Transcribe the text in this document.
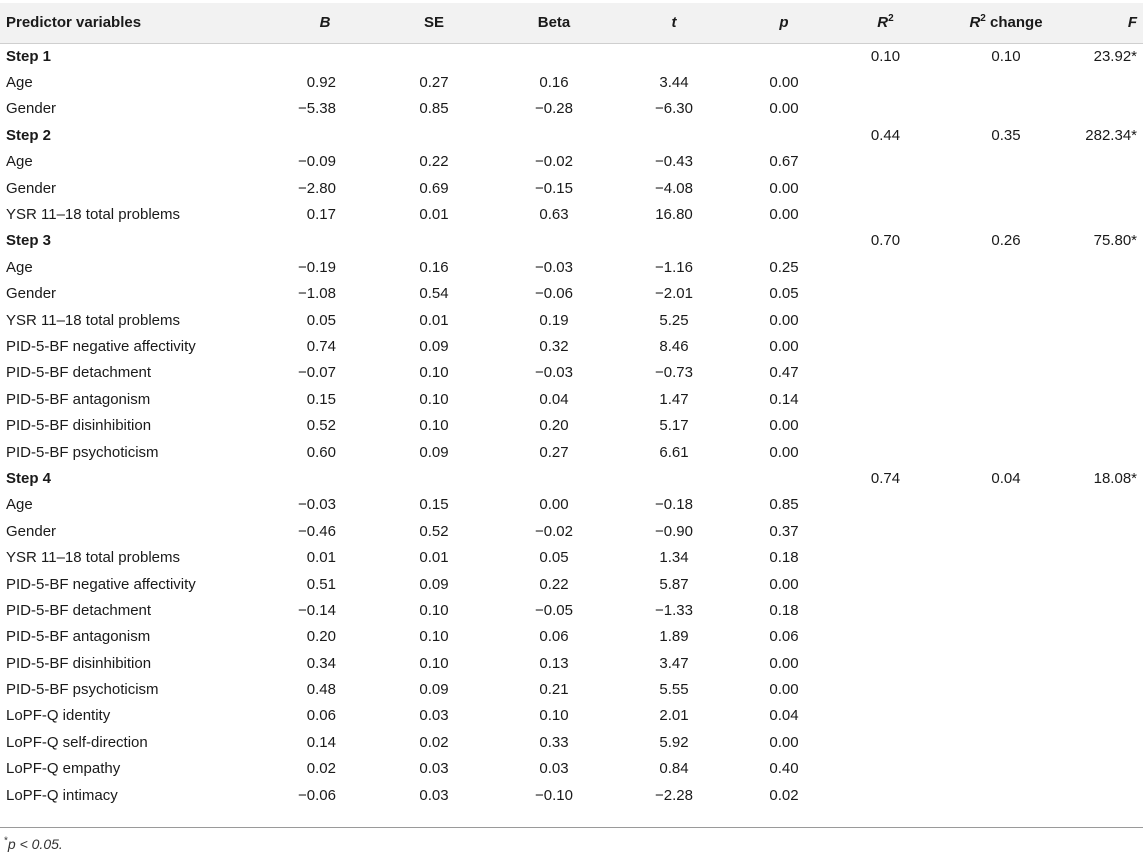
Predictor variables	B	SE	Beta	t	p	$R^2$	$R^2$ change	F
Step 1						0.10	0.10	23.92*
Age	0.92	0.27	0.16	3.44	0.00			
Gender	−5.38	0.85	−0.28	−6.30	0.00			
Step 2						0.44	0.35	282.34*
Age	−0.09	0.22	−0.02	−0.43	0.67			
Gender	−2.80	0.69	−0.15	−4.08	0.00			
YSR 11–18 total problems	0.17	0.01	0.63	16.80	0.00			
Step 3						0.70	0.26	75.80*
Age	−0.19	0.16	−0.03	−1.16	0.25			
Gender	−1.08	0.54	−0.06	−2.01	0.05			
YSR 11–18 total problems	0.05	0.01	0.19	5.25	0.00			
PID-5-BF negative affectivity	0.74	0.09	0.32	8.46	0.00			
PID-5-BF detachment	−0.07	0.10	−0.03	−0.73	0.47			
PID-5-BF antagonism	0.15	0.10	0.04	1.47	0.14			
PID-5-BF disinhibition	0.52	0.10	0.20	5.17	0.00			
PID-5-BF psychoticism	0.60	0.09	0.27	6.61	0.00			
Step 4						0.74	0.04	18.08*
Age	−0.03	0.15	0.00	−0.18	0.85			
Gender	−0.46	0.52	−0.02	−0.90	0.37			
YSR 11–18 total problems	0.01	0.01	0.05	1.34	0.18			
PID-5-BF negative affectivity	0.51	0.09	0.22	5.87	0.00			
PID-5-BF detachment	−0.14	0.10	−0.05	−1.33	0.18			
PID-5-BF antagonism	0.20	0.10	0.06	1.89	0.06			
PID-5-BF disinhibition	0.34	0.10	0.13	3.47	0.00			
PID-5-BF psychoticism	0.48	0.09	0.21	5.55	0.00			
LoPF-Q identity	0.06	0.03	0.10	2.01	0.04			
LoPF-Q self-direction	0.14	0.02	0.33	5.92	0.00			
LoPF-Q empathy	0.02	0.03	0.03	0.84	0.40			
LoPF-Q intimacy	−0.06	0.03	−0.10	−2.28	0.02			
*p < 0.05.
